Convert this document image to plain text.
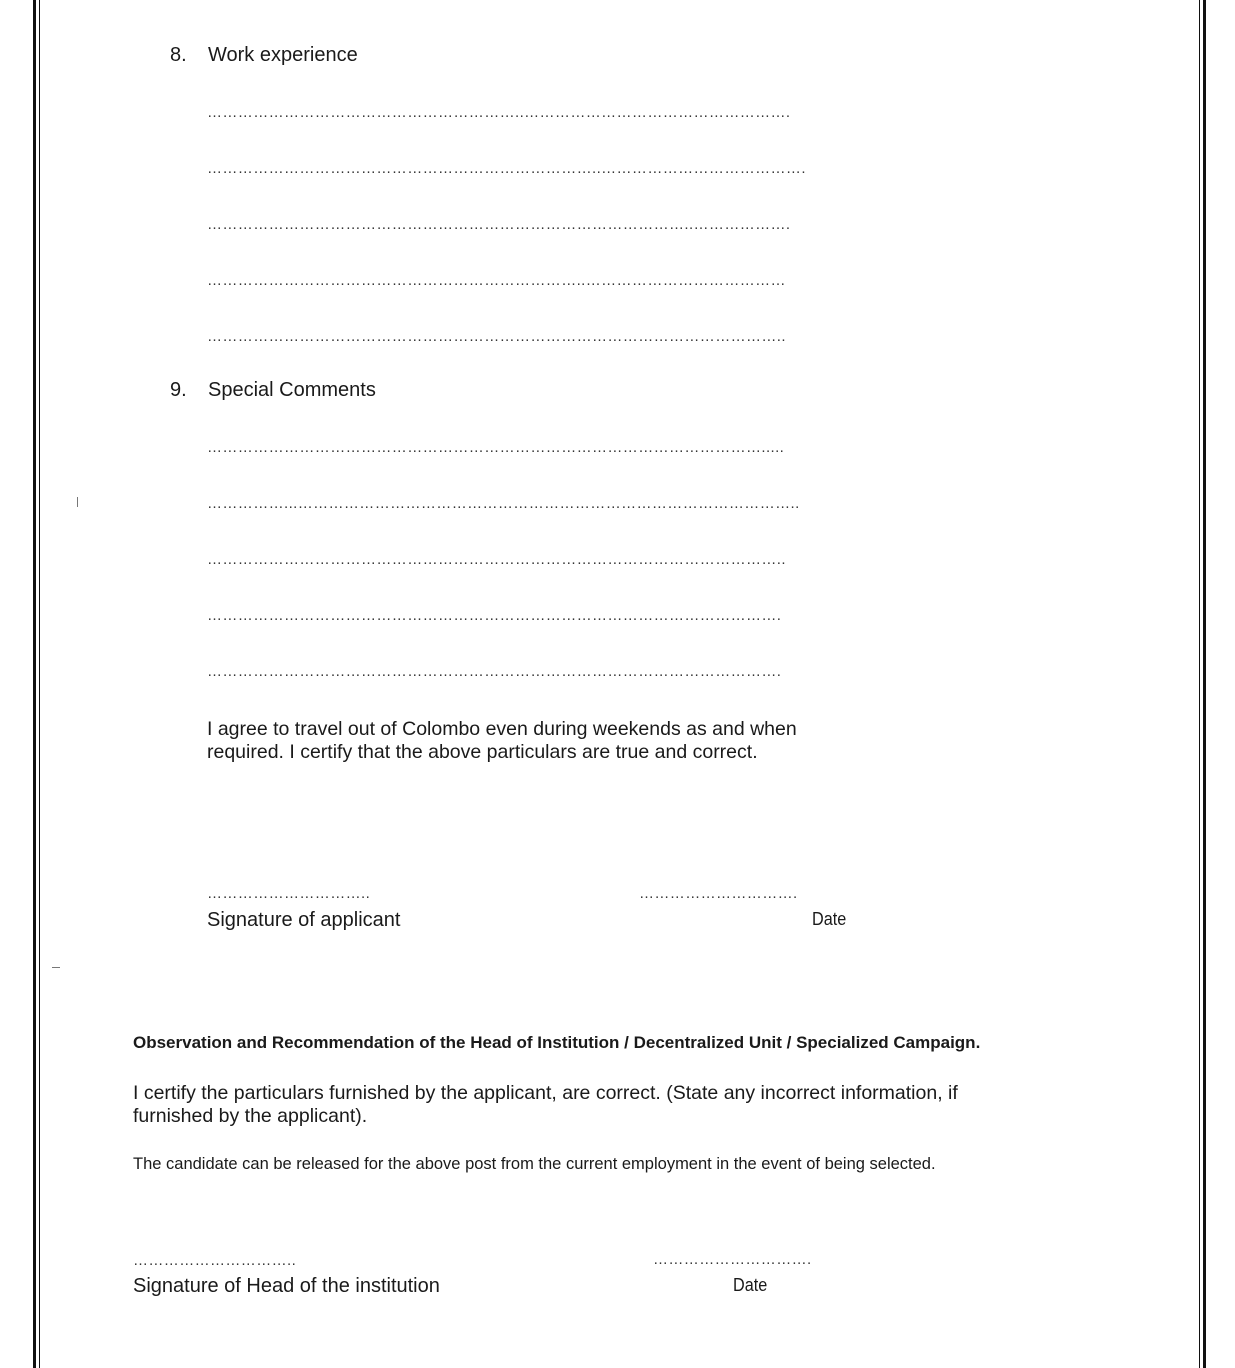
8. Work experience
……………………………………………………..…………………………………………….
…………………………………………………………………..………………………………….
…………………………………………………………………………………..……………….
………………………………………………………………..…………………………………
…………………………………………………………………………………………………..
9. Special Comments
……………………………………………………………………………………………….....
……………...……………………………………………………………………………………..
…………………………………………………………………………………………………..
………………………………………………………………………………………………….
………………………………………………………………………………………………….

I agree to travel out of Colombo even during weekends as and when required. I certify that the above particulars are true and correct.

…………………………..
Signature of applicant
………………………….
Date
Observation and Recommendation of the Head of Institution / Decentralized Unit / Specialized Campaign.

I certify the particulars furnished by the applicant, are correct. (State any incorrect information, if furnished by the applicant).

The candidate can be released for the above post from the current employment in the event of being selected.
…………………………..
Signature of Head of the institution
………………………….
Date
